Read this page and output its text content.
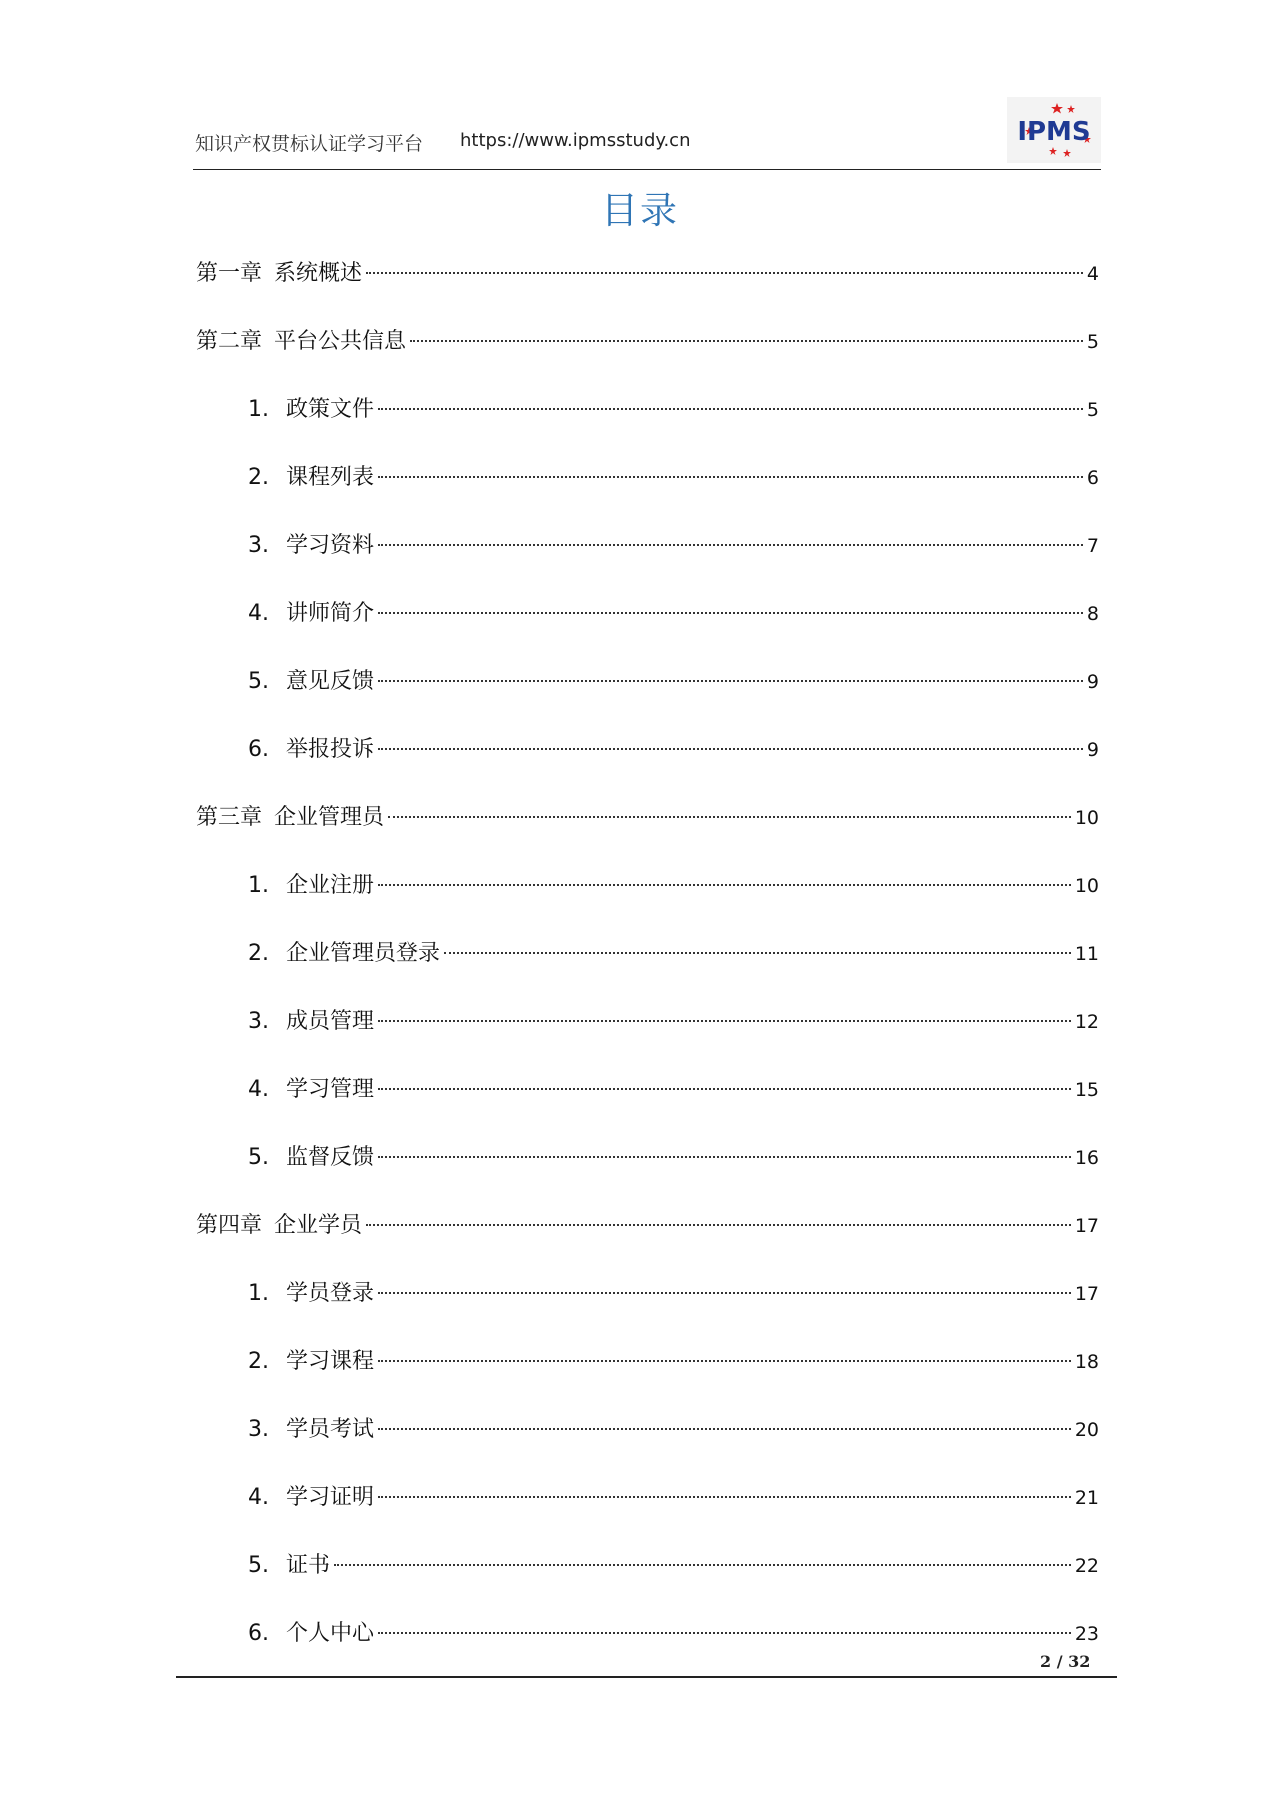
知识产权贯标认证学习平台 https://www.ipmsstudy.cn	IPMS
目录
第一章 系统概述	4
第二章 平台公共信息	5
1. 政策文件	5
2. 课程列表	6
3. 学习资料	7
4. 讲师简介	8
5. 意见反馈	9
6. 举报投诉	9
第三章 企业管理员	10
1. 企业注册	10
2. 企业管理员登录	11
3. 成员管理	12
4. 学习管理	15
5. 监督反馈	16
第四章 企业学员	17
1. 学员登录	17
2. 学习课程	18
3. 学员考试	20
4. 学习证明	21
5. 证书	22
6. 个人中心	23
2 / 32
